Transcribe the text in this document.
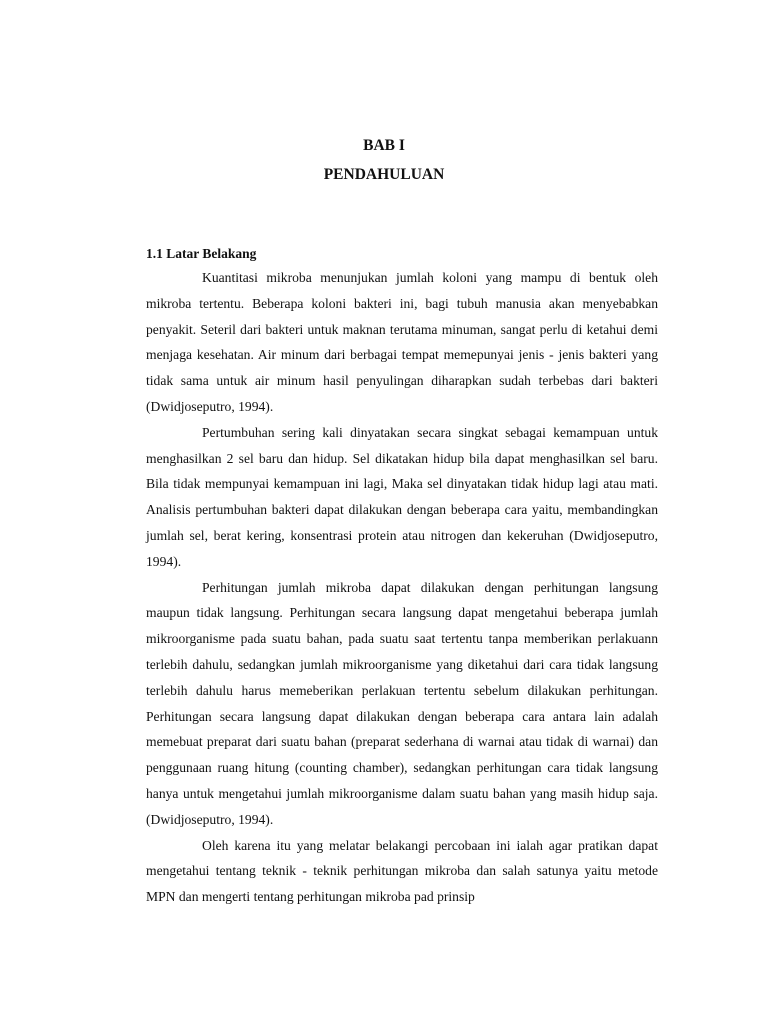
BAB I
PENDAHULUAN
1.1 Latar Belakang

Kuantitasi mikroba menunjukan jumlah koloni yang mampu di bentuk oleh mikroba tertentu. Beberapa koloni bakteri ini, bagi tubuh manusia akan menyebabkan penyakit. Seteril dari bakteri untuk maknan terutama minuman, sangat perlu di ketahui demi menjaga kesehatan. Air minum dari berbagai tempat memepunyai jenis - jenis bakteri yang tidak sama untuk air minum hasil penyulingan diharapkan sudah terbebas dari bakteri (Dwidjoseputro, 1994).

Pertumbuhan sering kali dinyatakan secara singkat sebagai kemampuan untuk menghasilkan 2 sel baru dan hidup. Sel dikatakan hidup bila dapat menghasilkan sel baru. Bila tidak mempunyai kemampuan ini lagi, Maka sel dinyatakan tidak hidup lagi atau mati. Analisis pertumbuhan bakteri dapat dilakukan dengan beberapa cara yaitu, membandingkan jumlah sel, berat kering, konsentrasi protein atau nitrogen dan kekeruhan (Dwidjoseputro, 1994).

Perhitungan jumlah mikroba dapat dilakukan dengan perhitungan langsung maupun tidak langsung. Perhitungan secara langsung dapat mengetahui beberapa jumlah mikroorganisme pada suatu bahan, pada suatu saat tertentu tanpa memberikan perlakuann terlebih dahulu, sedangkan jumlah mikroorganisme yang diketahui dari cara tidak langsung terlebih dahulu harus memeberikan perlakuan tertentu sebelum dilakukan perhitungan. Perhitungan secara langsung dapat dilakukan dengan beberapa cara antara lain adalah memebuat preparat dari suatu bahan (preparat sederhana di warnai atau tidak di warnai) dan penggunaan ruang hitung (counting chamber), sedangkan perhitungan cara tidak langsung hanya untuk mengetahui jumlah mikroorganisme dalam suatu bahan yang masih hidup saja. (Dwidjoseputro, 1994).

Oleh karena itu yang melatar belakangi percobaan ini ialah agar pratikan dapat mengetahui tentang teknik - teknik perhitungan mikroba dan salah satunya yaitu metode MPN dan mengerti tentang perhitungan mikroba pad prinsip
